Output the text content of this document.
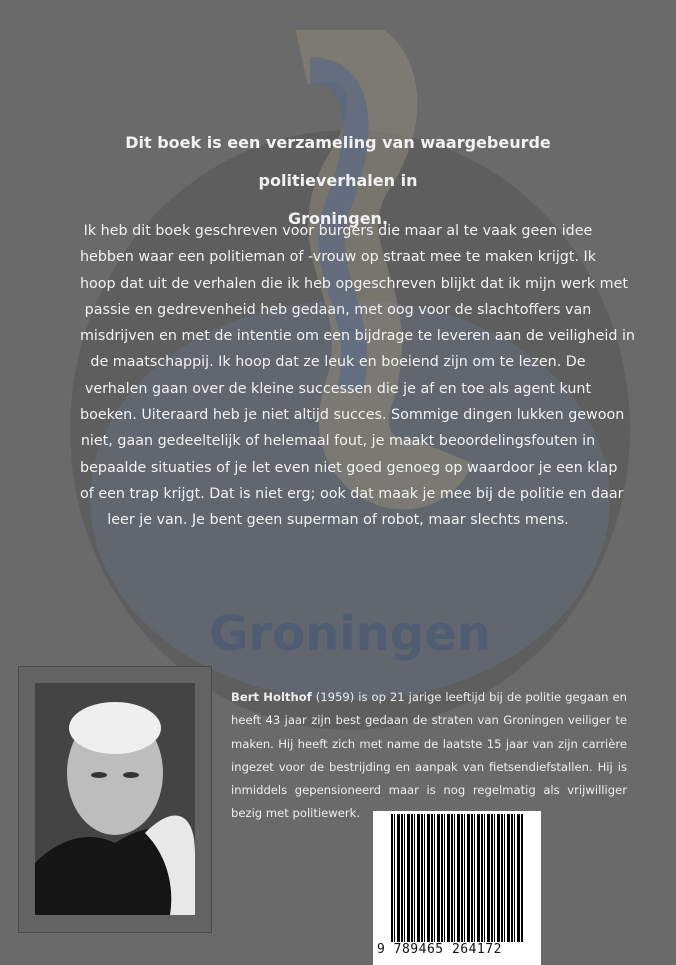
Groningen
Dit boek is een verzameling van waargebeurde politieverhalen in
Groningen.
Ik heb dit boek geschreven voor burgers die maar al te vaak geen idee
hebben waar een politieman of -vrouw op straat mee te maken krijgt. Ik
hoop dat uit de verhalen die ik heb opgeschreven blijkt dat ik mijn werk met
passie en gedrevenheid heb gedaan, met oog voor de slachtoffers van
misdrijven en met de intentie om een bijdrage te leveren aan de veiligheid in
de maatschappij. Ik hoop dat ze leuk en boeiend zijn om te lezen. De
verhalen gaan over de kleine successen die je af en toe als agent kunt
boeken. Uiteraard heb je niet altijd succes. Sommige dingen lukken gewoon
niet, gaan gedeeltelijk of helemaal fout, je maakt beoordelingsfouten in
bepaalde situaties of je let even niet goed genoeg op waardoor je een klap
of een trap krijgt. Dat is niet erg; ook dat maak je mee bij de politie en daar
leer je van. Je bent geen superman of robot, maar slechts mens.
Bert Holthof (1959) is op 21 jarige leeftijd bij de politie gegaan en heeft 43 jaar zijn best gedaan de straten van Groningen veiliger te maken. Hij heeft zich met name de laatste 15 jaar van zijn carrière ingezet voor de bestrijding en aanpak van fietsendiefstallen. Hij is inmiddels gepensioneerd maar is nog regelmatig als vrijwilliger bezig met politiewerk.
9 789465 264172
